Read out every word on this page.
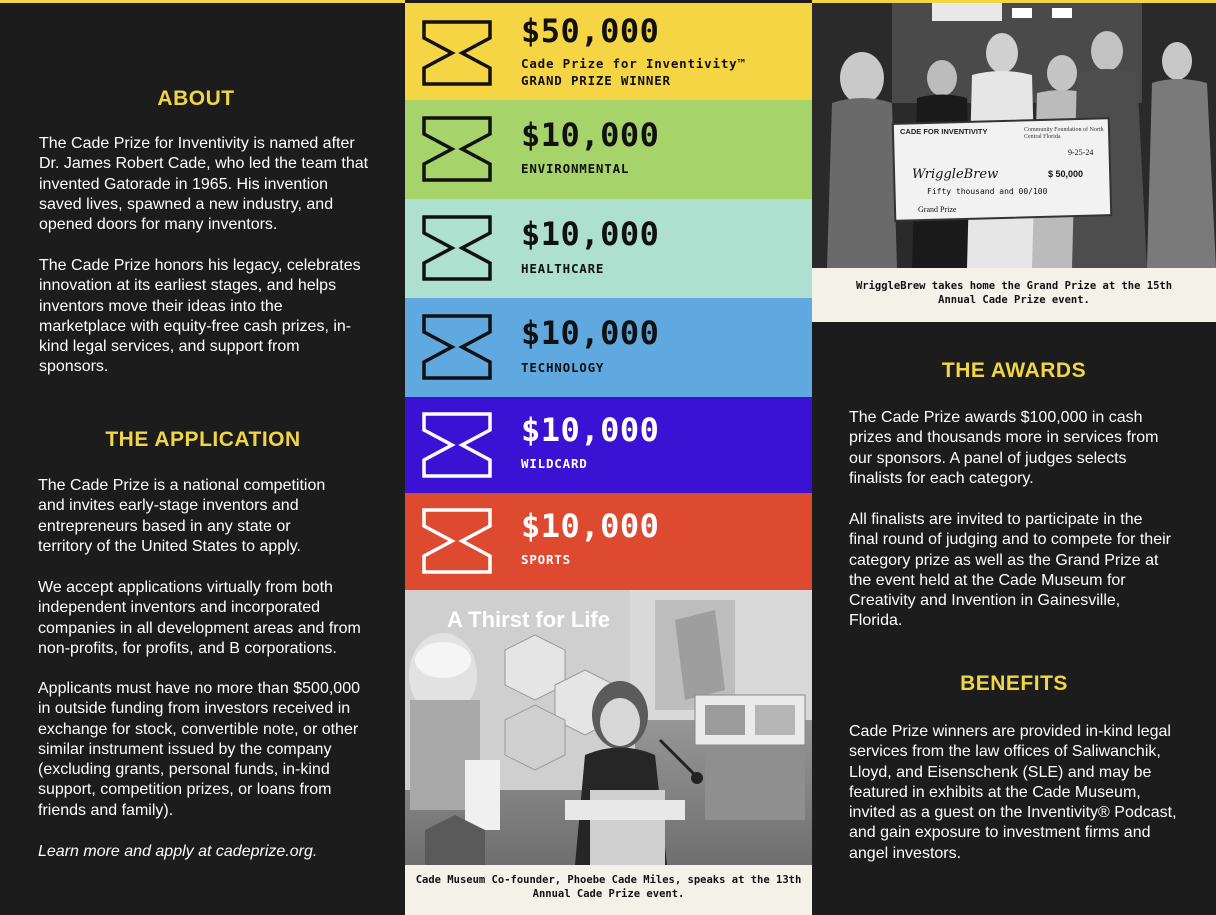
ABOUT
The Cade Prize for Inventivity is named after Dr. James Robert Cade, who led the team that invented Gatorade in 1965. His invention saved lives, spawned a new industry, and opened doors for many inventors.
The Cade Prize honors his legacy, celebrates innovation at its earliest stages, and helps inventors move their ideas into the marketplace with equity-free cash prizes, in-kind legal services, and support from sponsors.
THE APPLICATION
The Cade Prize is a national competition and invites early-stage inventors and entrepreneurs based in any state or territory of the United States to apply.
We accept applications virtually from both independent inventors and incorporated companies in all development areas and from non-profits, for profits, and B corporations.
Applicants must have no more than $500,000 in outside funding from investors received in exchange for stock, convertible note, or other similar instrument issued by the company (excluding grants, personal funds, in-kind support, competition prizes, or loans from friends and family).
Learn more and apply at cadeprize.org.
$50,000
Cade Prize for Inventivity™
GRAND PRIZE WINNER
$10,000
ENVIRONMENTAL
$10,000
HEALTHCARE
$10,000
TECHNOLOGY
$10,000
WILDCARD
$10,000
SPORTS
A Thirst for Life
Cade Museum Co-founder, Phoebe Cade Miles, speaks at the 13th Annual Cade Prize event.
CADE FOR INVENTIVITY	Community Foundation of North Central Florida
9-25-24
WriggleBrew	$ 50,000
Fifty thousand and 00/100
Grand Prize
WriggleBrew takes home the Grand Prize at the 15th Annual Cade Prize event.
THE AWARDS
The Cade Prize awards $100,000 in cash prizes and thousands more in services from our sponsors. A panel of judges selects finalists for each category.
All finalists are invited to participate in the final round of judging and to compete for their category prize as well as the Grand Prize at the event held at the Cade Museum for Creativity and Invention in Gainesville, Florida.
BENEFITS
Cade Prize winners are provided in-kind legal services from the law offices of Saliwanchik, Lloyd, and Eisenschenk (SLE) and may be featured in exhibits at the Cade Museum, invited as a guest on the Inventivity® Podcast, and gain exposure to investment firms and angel investors.
